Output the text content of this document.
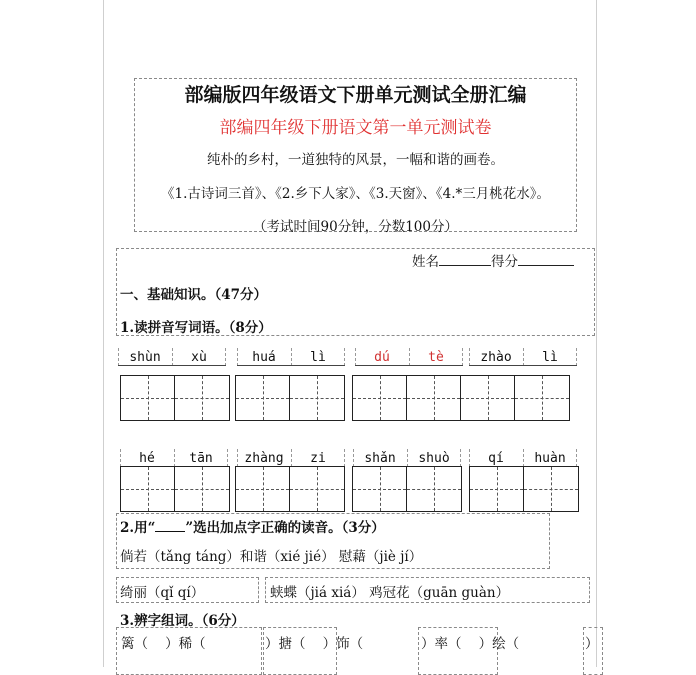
部编版四年级语文下册单元测试全册汇编
部编四年级下册语文第一单元测试卷
纯朴的乡村，一道独特的风景，一幅和谐的画卷。
《1.古诗词三首》、《2.乡下人家》、《3.天窗》、《4.*三月桃花水》。
（考试时间90分钟，分数100分）
姓名	得分
一、基础知识。（47分）
1.读拼音写词语。（8分）
shùn	xù	huá	lì	dú	tè	zhào	lì
hé	tān	zhàng	zi	shǎn	shuò	qí	huàn
2.用“ ”选出加点字正确的读音。（3分）
倘若（tǎng táng）和谐（xié jié） 慰藉（jiè jí）
绮丽（qǐ qí）	蛱蝶（jiá xiá） 鸡冠花（guān guàn）
3.辨字组词。（6分）
篱（ ）稀（	）搪（ ）饰（	）率（ ）绘（	）
